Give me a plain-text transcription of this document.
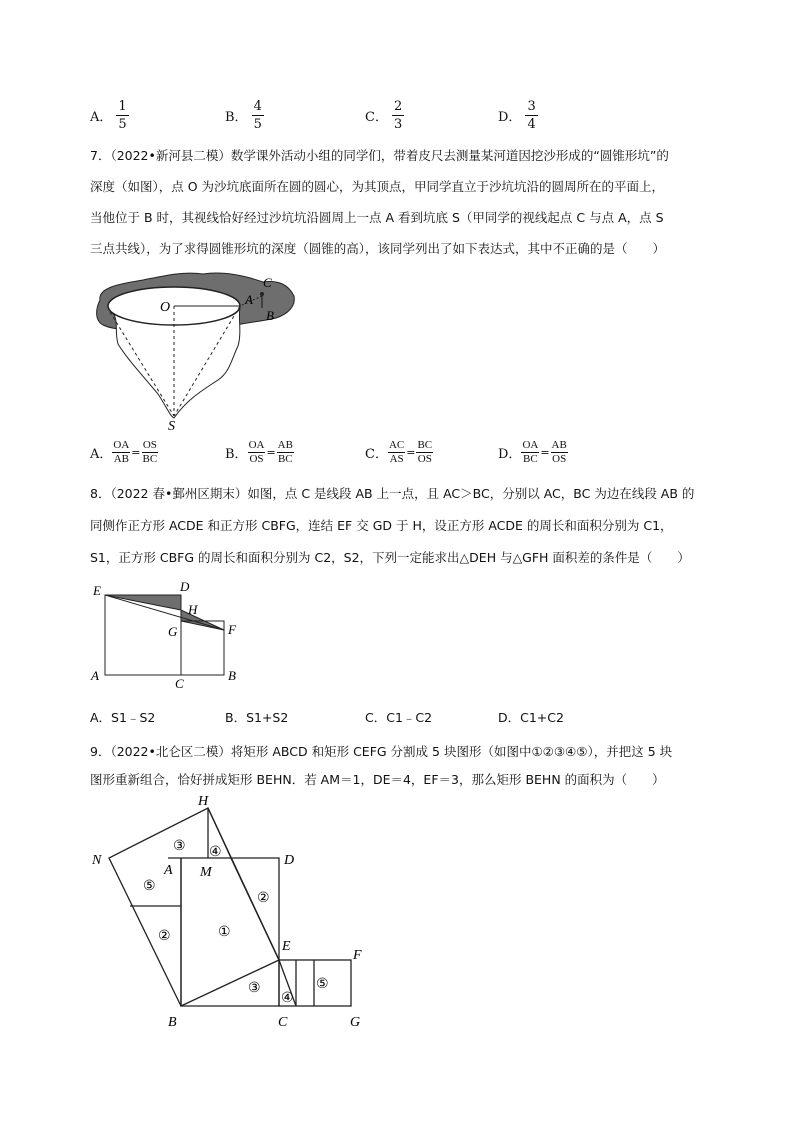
A． $\frac{1}{5}$	B． $\frac{4}{5}$	C． $\frac{2}{3}$	D． $\frac{3}{4}$
7．（2022•新河县二模）数学课外活动小组的同学们，带着皮尺去测量某河道因挖沙形成的“圆锥形坑”的
深度（如图），点 O 为沙坑底面所在圆的圆心，为其顶点，甲同学直立于沙坑坑沿的圆周所在的平面上，
当他位于 B 时，其视线恰好经过沙坑坑沿圆周上一点 A 看到坑底 S（甲同学的视线起点 C 与点 A，点 S
三点共线），为了求得圆锥形坑的深度（圆锥的高），该同学列出了如下表达式，其中不正确的是（　　）
O
A
C
B
S
A． $\frac{OA}{AB} = \frac{OS}{BC}$	B． $\frac{OA}{OS} = \frac{AB}{BC}$	C． $\frac{AC}{AS} = \frac{BC}{OS}$	D． $\frac{OA}{BC} = \frac{AB}{OS}$
8．（2022 春•鄞州区期末）如图，点 C 是线段 AB 上一点，且 AC＞BC，分别以 AC，BC 为边在线段 AB 的
同侧作正方形 ACDE 和正方形 CBFG，连结 EF 交 GD 于 H，设正方形 ACDE 的周长和面积分别为 C1，
S1，正方形 CBFG 的周长和面积分别为 C2，S2，下列一定能求出△DEH 与△GFH 面积差的条件是（　　）
E	D
H
G	F
A
C
B
A．S1﹣S2	B．S1+S2	C．C1﹣C2	D．C1+C2
9．（2022•北仑区二模）将矩形 ABCD 和矩形 CEFG 分割成 5 块图形（如图中①②③④⑤），并把这 5 块
图形重新组合，恰好拼成矩形 BEHN．若 AM＝1，DE＝4，EF＝3，那么矩形 BEHN 的面积为（　　）
H
N
A M
D
E
F
B	C	G
③ ④
⑤
②	①
②
③
④
⑤
